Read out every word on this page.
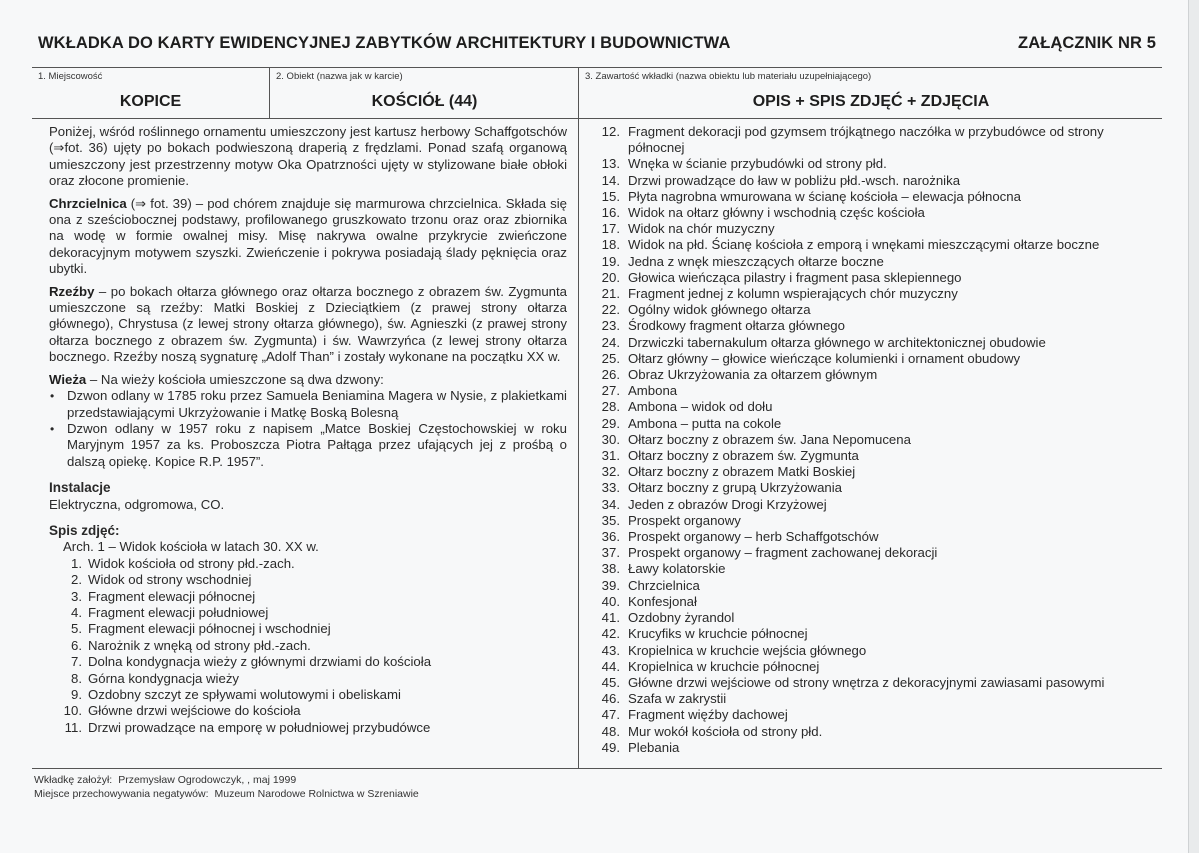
WKŁADKA DO KARTY EWIDENCYJNEJ ZABYTKÓW ARCHITEKTURY I BUDOWNICTWA	ZAŁĄCZNIK NR 5
1. Miejscowość
KOPICE
2. Obiekt (nazwa jak w karcie)
KOŚCIÓŁ (44)
3. Zawartość wkładki (nazwa obiektu lub materiału uzupełniającego)
OPIS + SPIS ZDJĘĆ + ZDJĘCIA

Poniżej, wśród roślinnego ornamentu umieszczony jest kartusz herbowy Schaffgotschów (⇒fot. 36) ujęty po bokach podwieszoną draperią z frędzlami. Ponad szafą organową umieszczony jest przestrzenny motyw Oka Opatrzności ujęty w stylizowane białe obłoki oraz złocone promienie.

Chrzcielnica (⇒ fot. 39) – pod chórem znajduje się marmurowa chrzcielnica. Składa się ona z sześciobocznej podstawy, profilowanego gruszkowato trzonu oraz oraz zbiornika na wodę w formie owalnej misy. Misę nakrywa owalne przykrycie zwieńczone dekoracyjnym motywem szyszki. Zwieńczenie i pokrywa posiadają ślady pęknięcia oraz ubytki.

Rzeźby – po bokach ołtarza głównego oraz ołtarza bocznego z obrazem św. Zygmunta umieszczone są rzeźby: Matki Boskiej z Dzieciątkiem (z prawej strony ołtarza głównego), Chrystusa (z lewej strony ołtarza głównego), św. Agnieszki (z prawej strony ołtarza bocznego z obrazem św. Zygmunta) i św. Wawrzyńca (z lewej strony ołtarza bocznego. Rzeźby noszą sygnaturę „Adolf Than” i zostały wykonane na początku XX w.

Wieża – Na wieży kościoła umieszczone są dwa dzwony:

• Dzwon odlany w 1785 roku przez Samuela Beniamina Magera w Nysie, z plakietkami przedstawiającymi Ukrzyżowanie i Matkę Boską Bolesną
• Dzwon odlany w 1957 roku z napisem „Matce Boskiej Częstochowskiej w roku Maryjnym 1957 za ks. Proboszcza Piotra Pałtąga przez ufających jej z prośbą o dalszą opiekę. Kopice R.P. 1957”.
Instalacje
Elektryczna, odgromowa, CO.
Spis zdjęć:
Arch. 1 – Widok kościoła w latach 30. XX w.
1. Widok kościoła od strony płd.-zach.
2. Widok od strony wschodniej
3. Fragment elewacji północnej
4. Fragment elewacji południowej
5. Fragment elewacji północnej i wschodniej
6. Narożnik z wnęką od strony płd.-zach.
7. Dolna kondygnacja wieży z głównymi drzwiami do kościoła
8. Górna kondygnacja wieży
9. Ozdobny szczyt ze spływami wolutowymi i obeliskami
10. Główne drzwi wejściowe do kościoła
11. Drzwi prowadzące na emporę w południowej przybudówce
12. Fragment dekoracji pod gzymsem trójkątnego naczółka w przybudówce od strony północnej
13. Wnęka w ścianie przybudówki od strony płd.
14. Drzwi prowadzące do ław w pobliżu płd.-wsch. narożnika
15. Płyta nagrobna wmurowana w ścianę kościoła – elewacja północna
16. Widok na ołtarz główny i wschodnią częśc kościoła
17. Widok na chór muzyczny
18. Widok na płd. Ścianę kościoła z emporą i wnękami mieszczącymi ołtarze boczne
19. Jedna z wnęk mieszczących ołtarze boczne
20. Głowica wieńcząca pilastry i fragment pasa sklepiennego
21. Fragment jednej z kolumn wspierających chór muzyczny
22. Ogólny widok głównego ołtarza
23. Środkowy fragment ołtarza głównego
24. Drzwiczki tabernakulum ołtarza głównego w architektonicznej obudowie
25. Ołtarz główny – głowice wieńczące kolumienki i ornament obudowy
26. Obraz Ukrzyżowania za ołtarzem głównym
27. Ambona
28. Ambona – widok od dołu
29. Ambona – putta na cokole
30. Ołtarz boczny z obrazem św. Jana Nepomucena
31. Ołtarz boczny z obrazem św. Zygmunta
32. Ołtarz boczny z obrazem Matki Boskiej
33. Ołtarz boczny z grupą Ukrzyżowania
34. Jeden z obrazów Drogi Krzyżowej
35. Prospekt organowy
36. Prospekt organowy – herb Schaffgotschów
37. Prospekt organowy – fragment zachowanej dekoracji
38. Ławy kolatorskie
39. Chrzcielnica
40. Konfesjonał
41. Ozdobny żyrandol
42. Krucyfiks w kruchcie północnej
43. Kropielnica w kruchcie wejścia głównego
44. Kropielnica w kruchcie północnej
45. Główne drzwi wejściowe od strony wnętrza z dekoracyjnymi zawiasami pasowymi
46. Szafa w zakrystii
47. Fragment więźby dachowej
48. Mur wokół kościoła od strony płd.
49. Plebania
Wkładkę założył: Przemysław Ogrodowczyk, , maj 1999
Miejsce przechowywania negatywów: Muzeum Narodowe Rolnictwa w Szreniawie
